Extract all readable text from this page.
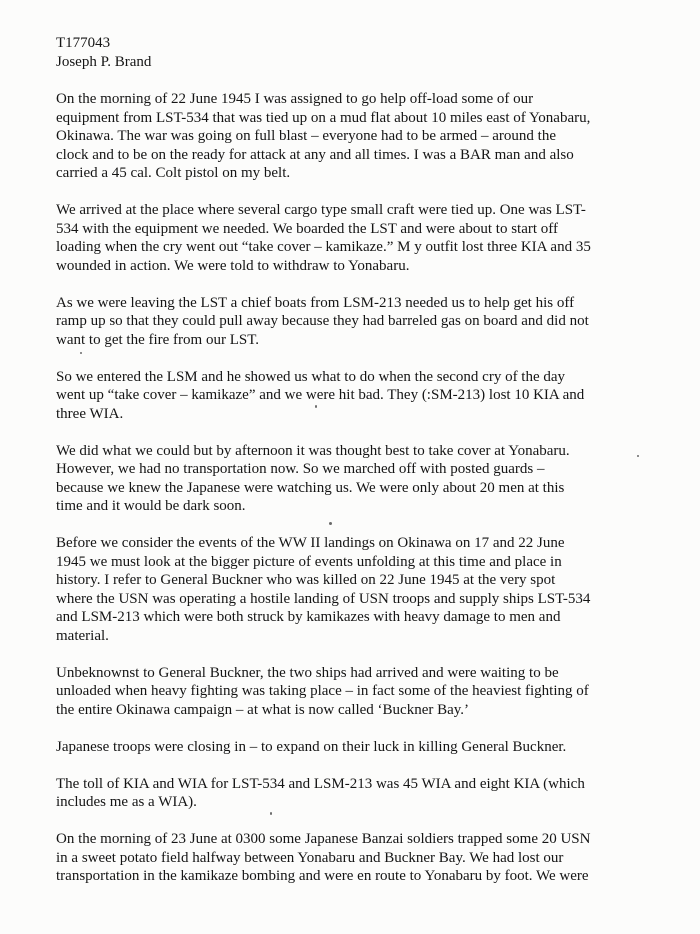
T177043

Joseph P. Brand

On the morning of 22 June 1945 I was assigned to go help off-load some of our
equipment from LST-534 that was tied up on a mud flat about 10 miles east of Yonabaru,
Okinawa. The war was going on full blast – everyone had to be armed – around the
clock and to be on the ready for attack at any and all times. I was a BAR man and also
carried a 45 cal. Colt pistol on my belt.

We arrived at the place where several cargo type small craft were tied up. One was LST-
534 with the equipment we needed. We boarded the LST and were about to start off
loading when the cry went out “take cover – kamikaze.” M y outfit lost three KIA and 35
wounded in action. We were told to withdraw to Yonabaru.

As we were leaving the LST a chief boats from LSM-213 needed us to help get his off
ramp up so that they could pull away because they had barreled gas on board and did not
want to get the fire from our LST.

So we entered the LSM and he showed us what to do when the second cry of the day
went up “take cover – kamikaze” and we were hit bad. They (:SM-213) lost 10 KIA and
three WIA.

We did what we could but by afternoon it was thought best to take cover at Yonabaru.
However, we had no transportation now. So we marched off with posted guards –
because we knew the Japanese were watching us. We were only about 20 men at this
time and it would be dark soon.

Before we consider the events of the WW II landings on Okinawa on 17 and 22 June
1945 we must look at the bigger picture of events unfolding at this time and place in
history. I refer to General Buckner who was killed on 22 June 1945 at the very spot
where the USN was operating a hostile landing of USN troops and supply ships LST-534
and LSM-213 which were both struck by kamikazes with heavy damage to men and
material.

Unbeknownst to General Buckner, the two ships had arrived and were waiting to be
unloaded when heavy fighting was taking place – in fact some of the heaviest fighting of
the entire Okinawa campaign – at what is now called ‘Buckner Bay.’

Japanese troops were closing in – to expand on their luck in killing General Buckner.

The toll of KIA and WIA for LST-534 and LSM-213 was 45 WIA and eight KIA (which
includes me as a WIA).

On the morning of 23 June at 0300 some Japanese Banzai soldiers trapped some 20 USN
in a sweet potato field halfway between Yonabaru and Buckner Bay. We had lost our
transportation in the kamikaze bombing and were en route to Yonabaru by foot. We were
